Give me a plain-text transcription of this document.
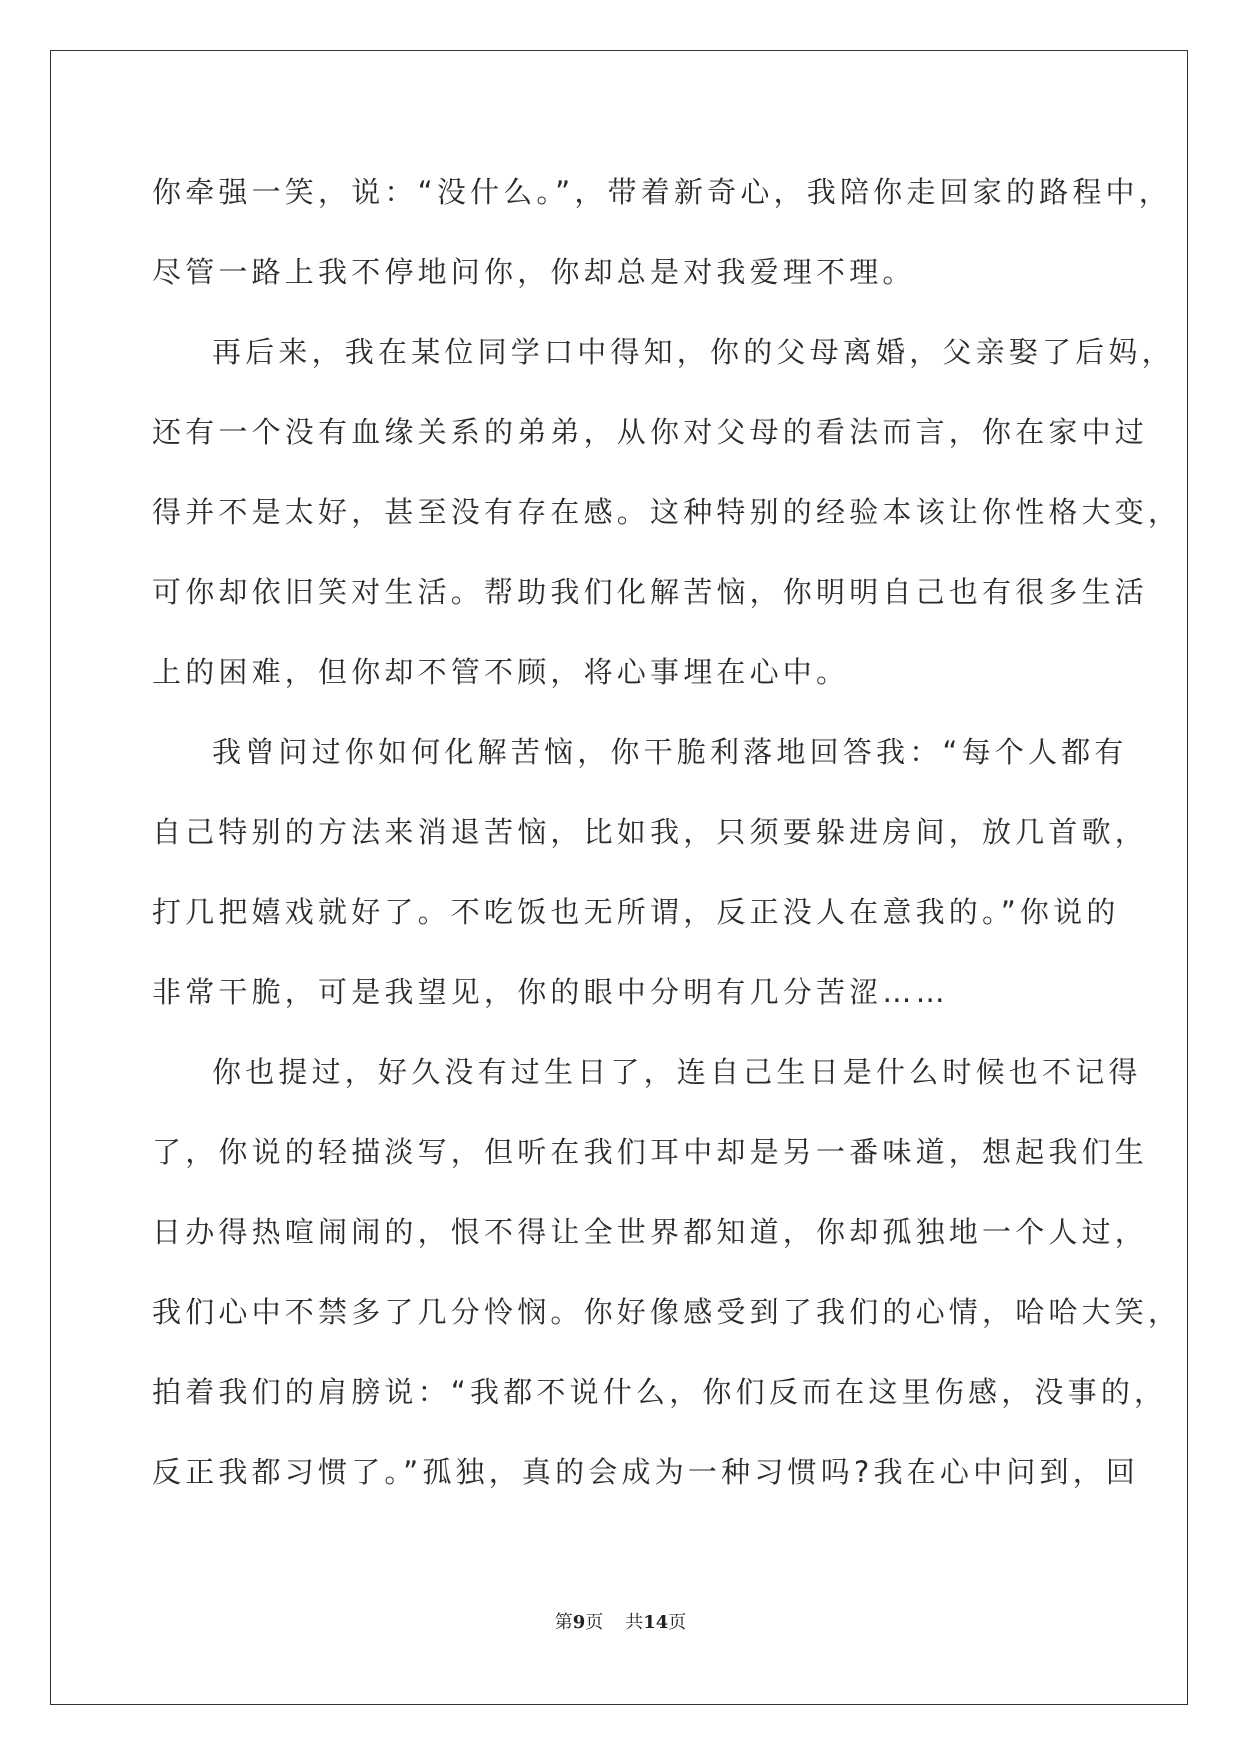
你牵强一笑，说：“没什么。”，带着新奇心，我陪你走回家的路程中，
尽管一路上我不停地问你，你却总是对我爱理不理。
再后来，我在某位同学口中得知，你的父母离婚，父亲娶了后妈，
还有一个没有血缘关系的弟弟，从你对父母的看法而言，你在家中过
得并不是太好，甚至没有存在感。这种特别的经验本该让你性格大变，
可你却依旧笑对生活。帮助我们化解苦恼，你明明自己也有很多生活
上的困难，但你却不管不顾，将心事埋在心中。
我曾问过你如何化解苦恼，你干脆利落地回答我：“每个人都有
自己特别的方法来消退苦恼，比如我，只须要躲进房间，放几首歌，
打几把嬉戏就好了。不吃饭也无所谓，反正没人在意我的。”你说的
非常干脆，可是我望见，你的眼中分明有几分苦涩……
你也提过，好久没有过生日了，连自己生日是什么时候也不记得
了，你说的轻描淡写，但听在我们耳中却是另一番味道，想起我们生
日办得热喧闹闹的，恨不得让全世界都知道，你却孤独地一个人过，
我们心中不禁多了几分怜悯。你好像感受到了我们的心情，哈哈大笑，
拍着我们的肩膀说：“我都不说什么，你们反而在这里伤感，没事的，
反正我都习惯了。”孤独，真的会成为一种习惯吗?我在心中问到，回
第9页 共14页
